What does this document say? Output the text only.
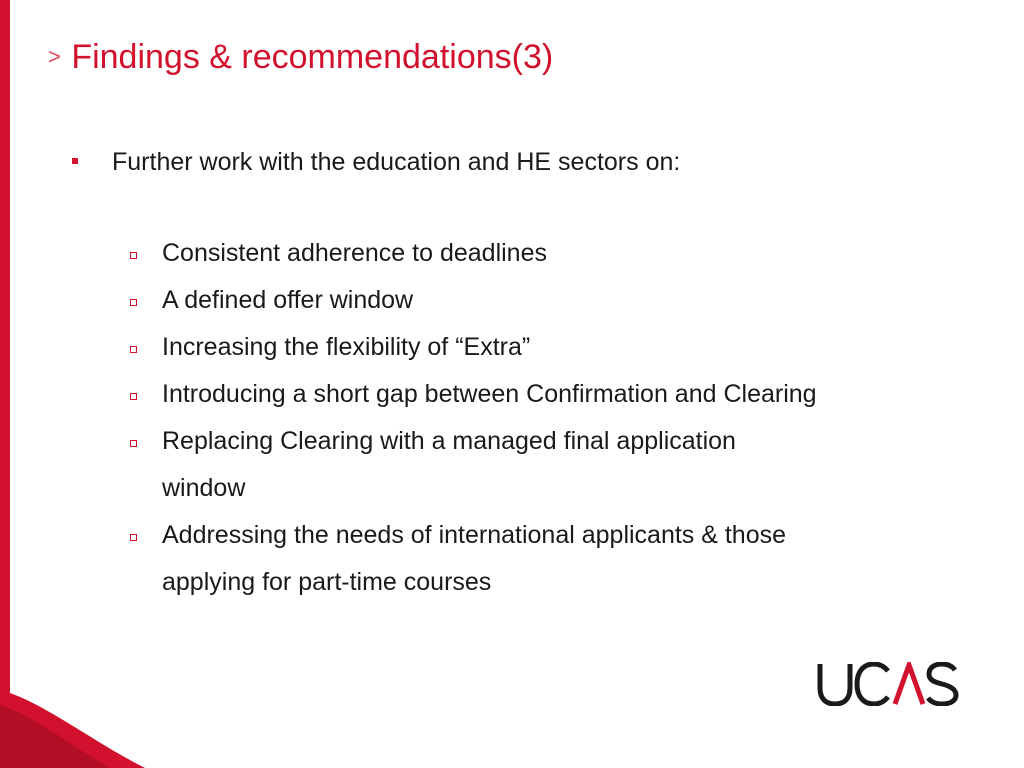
> Findings & recommendations(3)
Further work with the education and HE sectors on:
Consistent adherence to deadlines
A defined offer window
Increasing the flexibility of “Extra”
Introducing a short gap between Confirmation and Clearing
Replacing Clearing with a managed final application
window
Addressing the needs of international applicants & those
applying for part-time courses
